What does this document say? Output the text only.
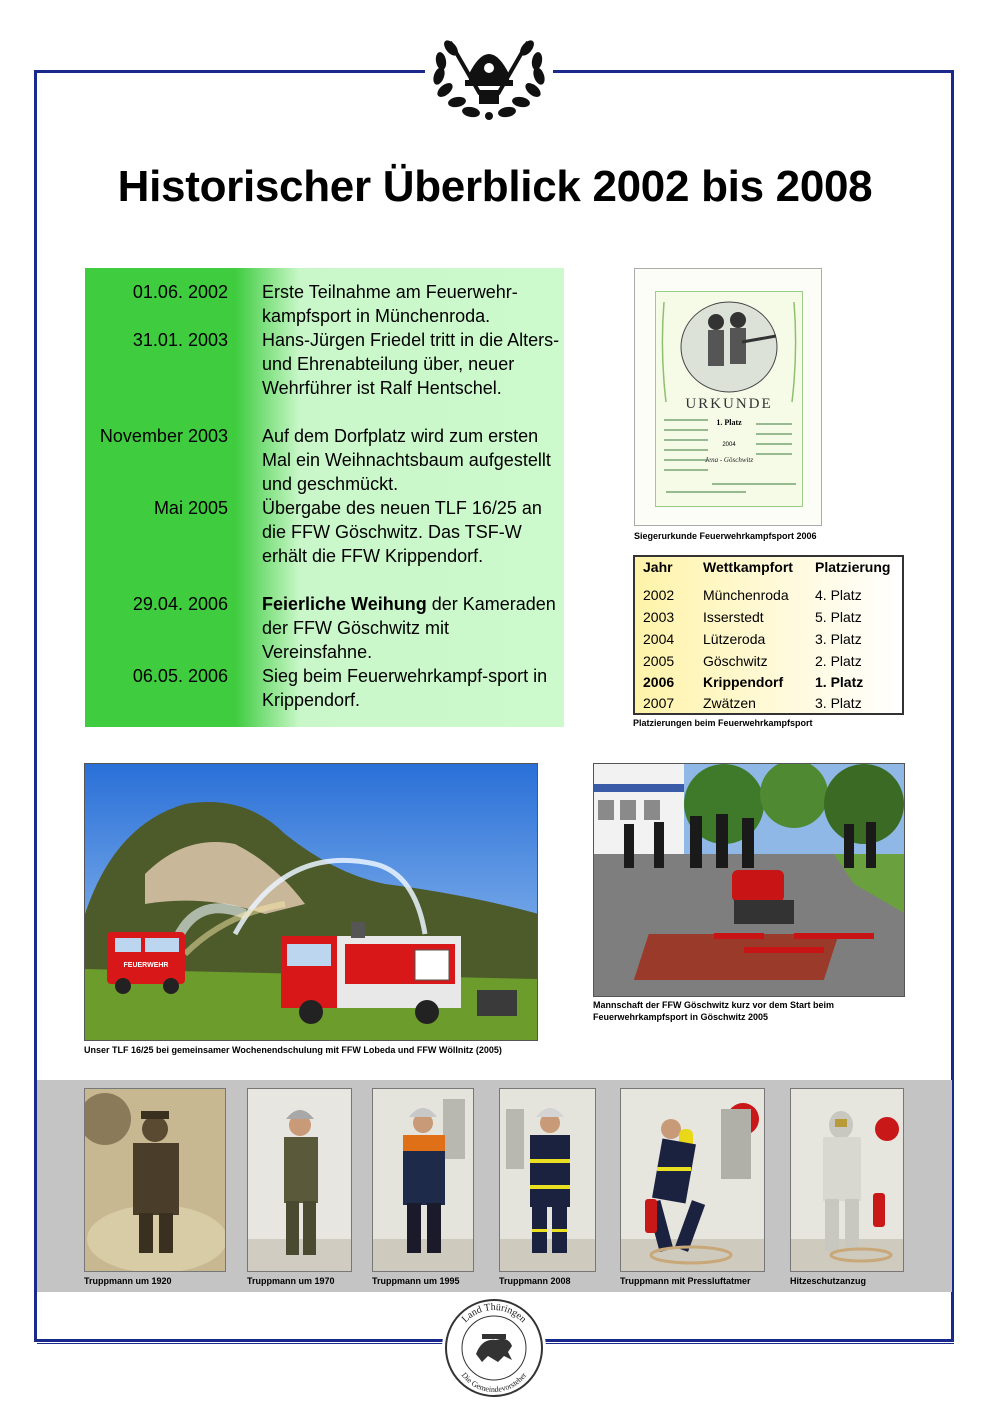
Historischer Überblick 2002 bis 2008
01.06. 2002 Erste Teilnahme am Feuerwehr-kampfsport in Münchenroda.
31.01. 2003 Hans-Jürgen Friedel tritt in die Alters- und Ehrenabteilung über, neuer Wehrführer ist Ralf Hentschel.
November 2003 Auf dem Dorfplatz wird zum ersten Mal ein Weihnachtsbaum aufgestellt und geschmückt.
Mai 2005 Übergabe des neuen TLF 16/25 an die FFW Göschwitz. Das TSF-W erhält die FFW Krippendorf.
29.04. 2006 Feierliche Weihung der Kameraden der FFW Göschwitz mit Vereinsfahne.
06.05. 2006 Sieg beim Feuerwehrkampf-sport in Krippendorf.
URKUNDE
1. Platz
2004
Jena - Göschwitz
Siegerurkunde Feuerwehrkampfsport 2006
Jahr Wettkampfort Platzierung
2002 Münchenroda 4. Platz
2003 Isserstedt	5. Platz
2004 Lützeroda	3. Platz
2005 Göschwitz	2. Platz
2006 Krippendorf 1. Platz
2007 Zwätzen	3. Platz
Platzierungen beim Feuerwehrkampfsport
FEUERWEHR
Unser TLF 16/25 bei gemeinsamer Wochenendschulung mit FFW Lobeda und FFW Wöllnitz (2005)
Mannschaft der FFW Göschwitz kurz vor dem Start beim
Feuerwehrkampfsport in Göschwitz 2005
Truppmann um 1920	Truppmann um 1970	Truppmann um 1995	Truppmann 2008	Truppmann mit Pressluftatmer	Hitzeschutzanzug
Land Thüringen
Die Gemeindevorsteher
